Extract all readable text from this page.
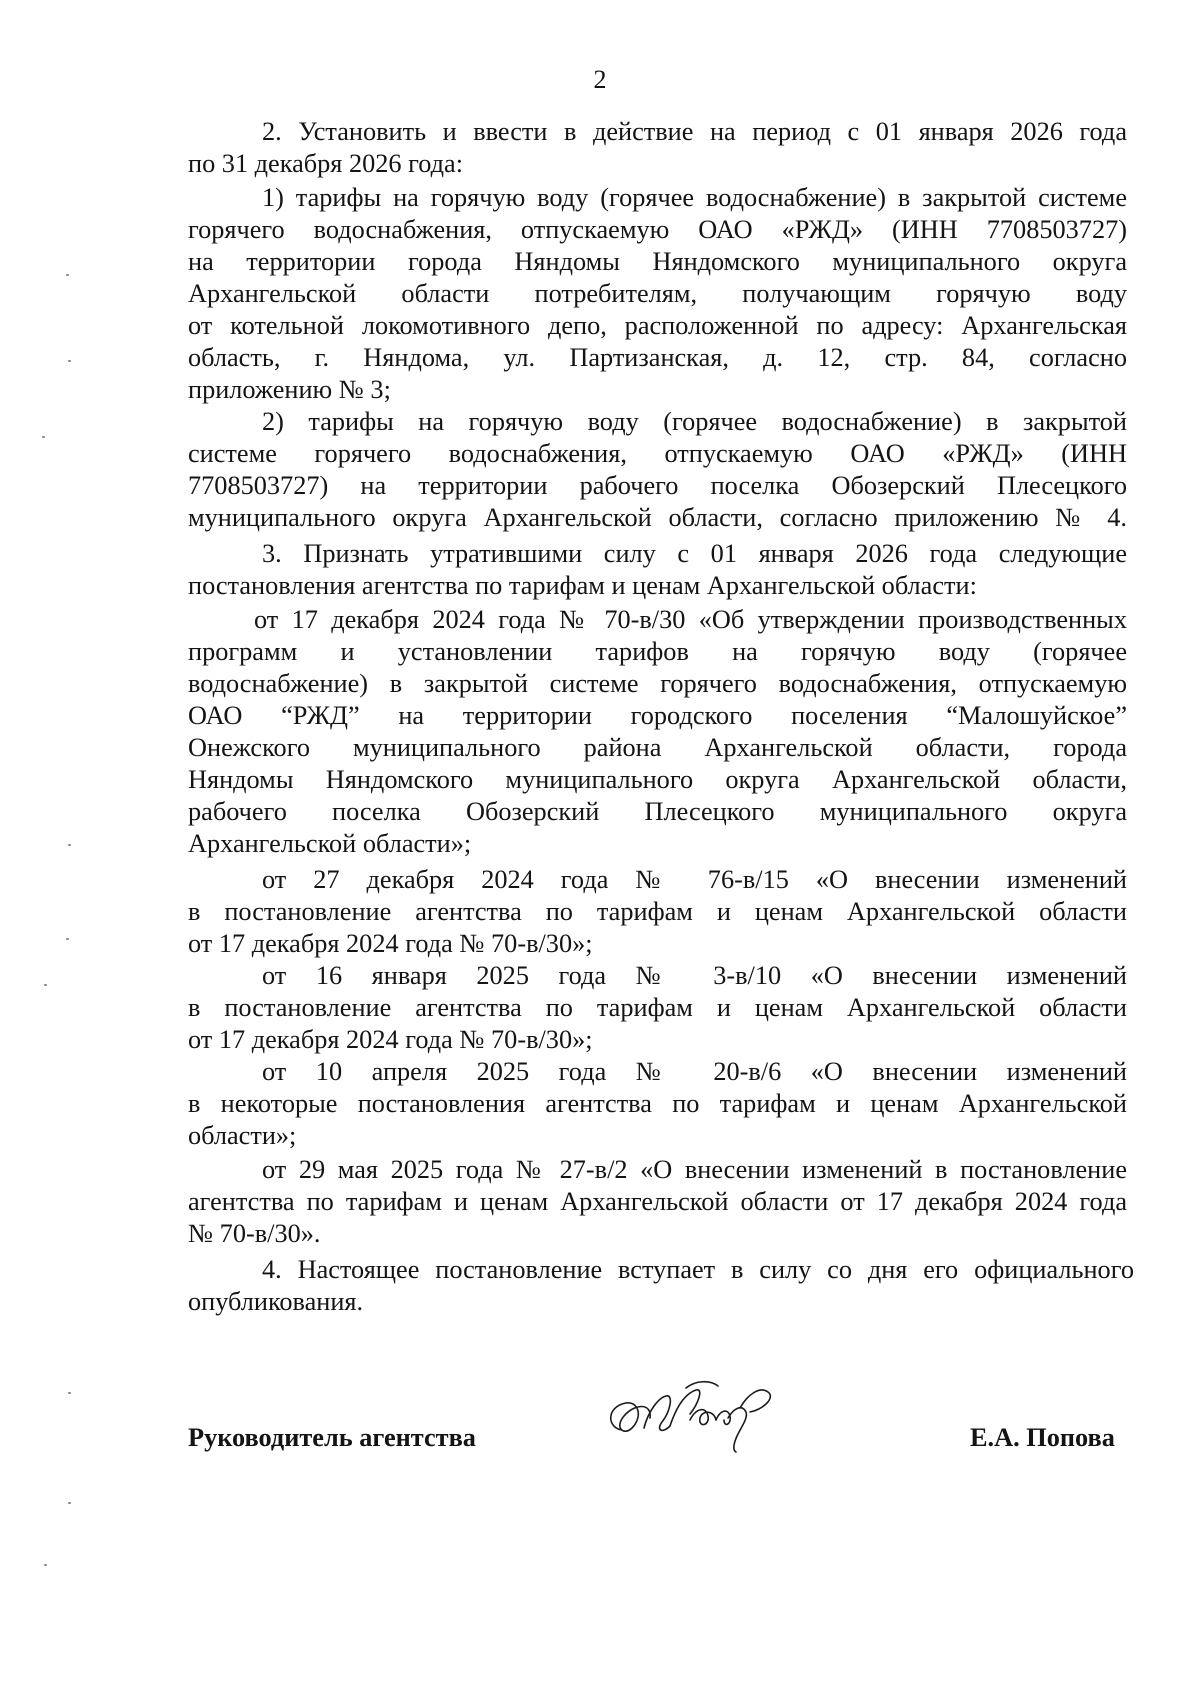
2
2. Установить и ввести в действие на период с 01 января 2026 года
по 31 декабря 2026 года:
1) тарифы на горячую воду (горячее водоснабжение) в закрытой системе
горячего водоснабжения, отпускаемую ОАО «РЖД» (ИНН 7708503727)
на территории города Няндомы Няндомского муниципального округа
Архангельской области потребителям, получающим горячую воду
от котельной локомотивного депо, расположенной по адресу: Архангельская
область, г. Няндома, ул. Партизанская, д. 12, стр. 84, согласно
приложению № 3;
2) тарифы на горячую воду (горячее водоснабжение) в закрытой
системе горячего водоснабжения, отпускаемую ОАО «РЖД» (ИНН
7708503727) на территории рабочего поселка Обозерский Плесецкого
муниципального округа Архангельской области, согласно приложению № 4.
3. Признать утратившими силу с 01 января 2026 года следующие
постановления агентства по тарифам и ценам Архангельской области:
от 17 декабря 2024 года № 70-в/30 «Об утверждении производственных
программ и установлении тарифов на горячую воду (горячее
водоснабжение) в закрытой системе горячего водоснабжения, отпускаемую
ОАО “РЖД” на территории городского поселения “Малошуйское”
Онежского муниципального района Архангельской области, города
Няндомы Няндомского муниципального округа Архангельской области,
рабочего поселка Обозерский Плесецкого муниципального округа
Архангельской области»;
от 27 декабря 2024 года № 76-в/15 «О внесении изменений
в постановление агентства по тарифам и ценам Архангельской области
от 17 декабря 2024 года № 70-в/30»;
от 16 января 2025 года № 3-в/10 «О внесении изменений
в постановление агентства по тарифам и ценам Архангельской области
от 17 декабря 2024 года № 70-в/30»;
от 10 апреля 2025 года № 20-в/6 «О внесении изменений
в некоторые постановления агентства по тарифам и ценам Архангельской
области»;
от 29 мая 2025 года № 27-в/2 «О внесении изменений в постановление
агентства по тарифам и ценам Архангельской области от 17 декабря 2024 года
№ 70-в/30».
4. Настоящее постановление вступает в силу со дня его официального
опубликования.
Руководитель агентства	Е.А. Попова
